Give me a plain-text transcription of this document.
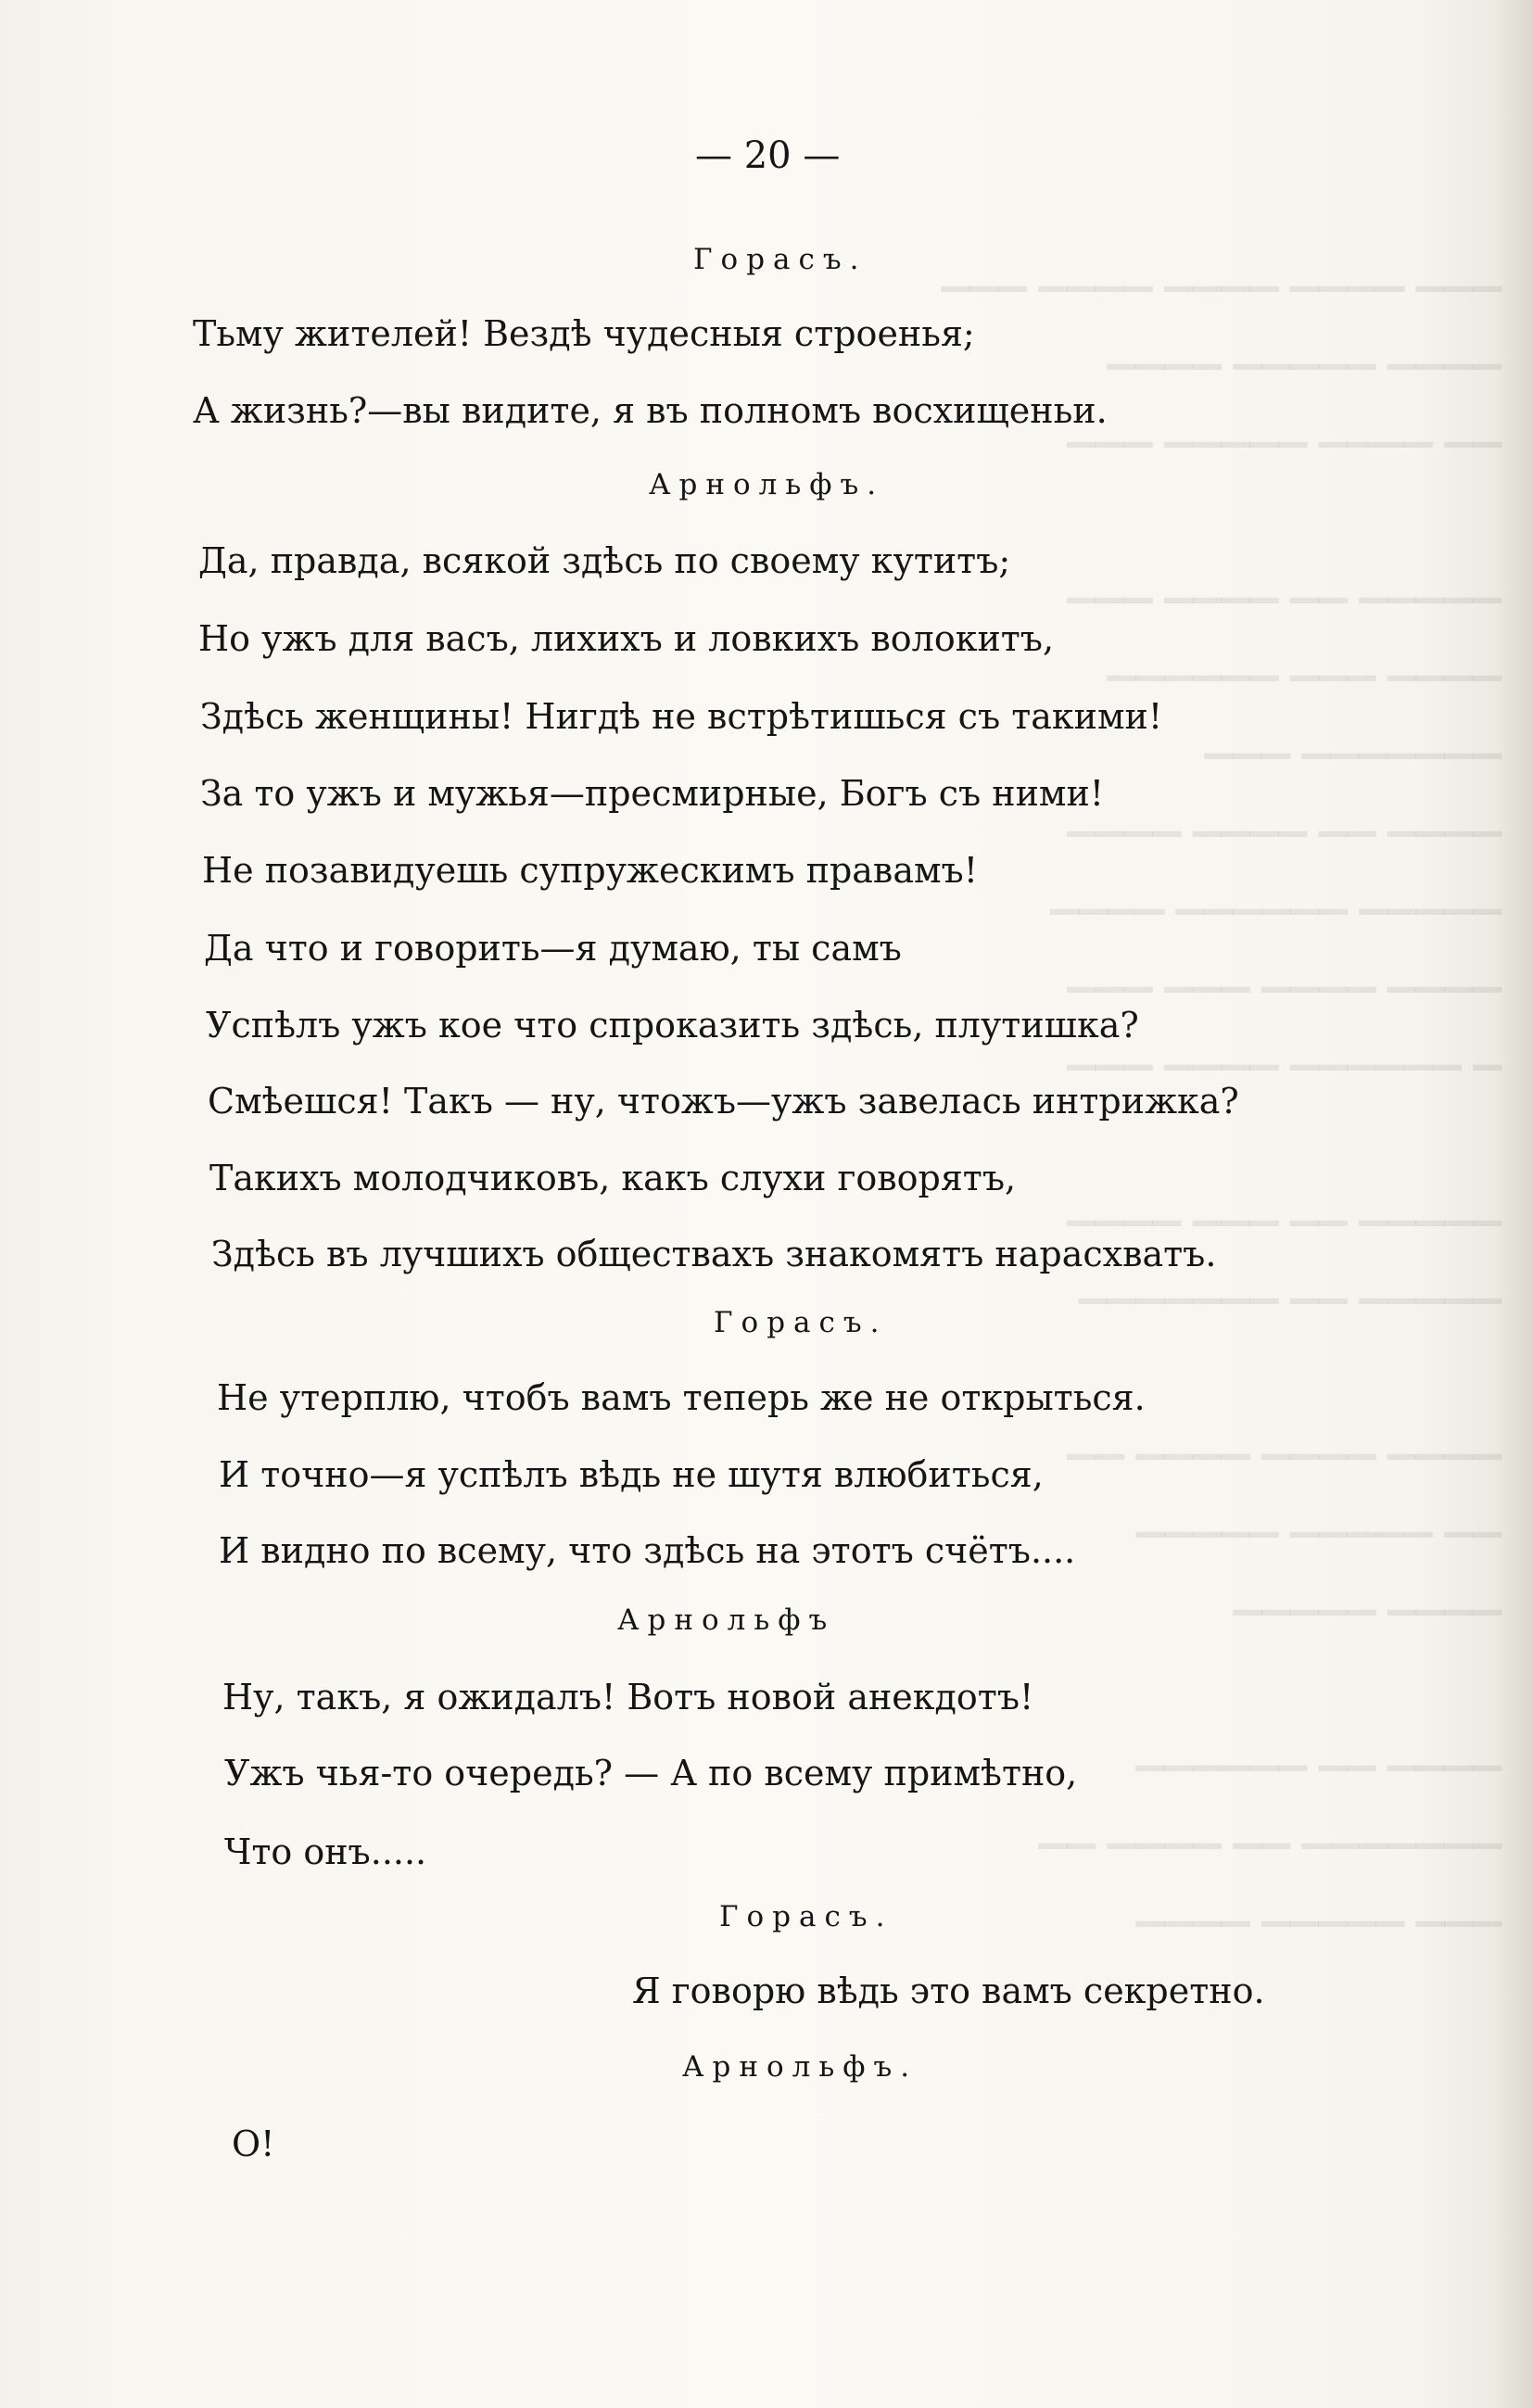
▁▁▁ ▁▁▁▁ ▁▁▁▁ ▁▁▁▁ ▁▁▁
▁▁▁▁ ▁▁▁▁▁ ▁▁▁▁
▁▁ ▁▁▁▁ ▁▁▁▁▁ ▁▁▁

▁▁▁▁▁ ▁▁ ▁▁▁▁ ▁▁▁
▁▁▁▁ ▁▁▁ ▁▁▁▁▁▁
▁▁▁▁▁▁▁ ▁▁▁
▁▁▁▁ ▁▁ ▁▁▁▁ ▁▁▁▁
▁▁▁▁▁ ▁▁▁▁▁▁ ▁▁▁▁
▁▁▁▁ ▁▁▁▁ ▁▁▁ ▁▁▁
▁ ▁▁▁▁▁▁ ▁▁▁▁ ▁▁▁

▁▁▁▁▁ ▁▁ ▁▁▁ ▁▁▁▁
▁▁▁▁▁ ▁▁ ▁▁▁▁▁▁▁

▁▁▁▁ ▁▁▁▁ ▁▁▁▁ ▁▁
▁▁ ▁▁▁▁▁ ▁▁▁▁▁
▁▁▁▁ ▁▁▁▁▁

▁▁▁▁ ▁▁ ▁▁▁▁▁▁
▁▁▁▁▁▁▁ ▁▁ ▁▁▁▁ ▁▁
▁▁▁ ▁▁▁▁▁ ▁▁▁▁
— 20 —
Горасъ.
Тьму жителей! Вездѣ чудесныя строенья;
А жизнь?—вы видите, я въ полномъ восхищеньи.
Арнольфъ.
Да, правда, всякой здѣсь по своему кутитъ;
Но ужъ для васъ, лихихъ и ловкихъ волокитъ,
Здѣсь женщины! Нигдѣ не встрѣтишься съ такими!
За то ужъ и мужья—пресмирные, Богъ съ ними!
Не позавидуешь супружескимъ правамъ!
Да что и говорить—я думаю, ты самъ
Успѣлъ ужъ кое что спроказить здѣсь, плутишка?
Смѣешся! Такъ — ну, чтожъ—ужъ завелась интрижка?
Такихъ молодчиковъ, какъ слухи говорятъ,
Здѣсь въ лучшихъ обществахъ знакомятъ нарасхватъ.
Горасъ.
Не утерплю, чтобъ вамъ теперь же не открыться.
И точно—я успѣлъ вѣдь не шутя влюбиться,
И видно по всему, что здѣсь на этотъ счётъ....
Арнольфъ
Ну, такъ, я ожидалъ! Вотъ новой анекдотъ!
Ужъ чья-то очередь? — А по всему примѣтно,
Что онъ.....
Горасъ.
Я говорю вѣдь это вамъ секретно.
Арнольфъ.
О!
